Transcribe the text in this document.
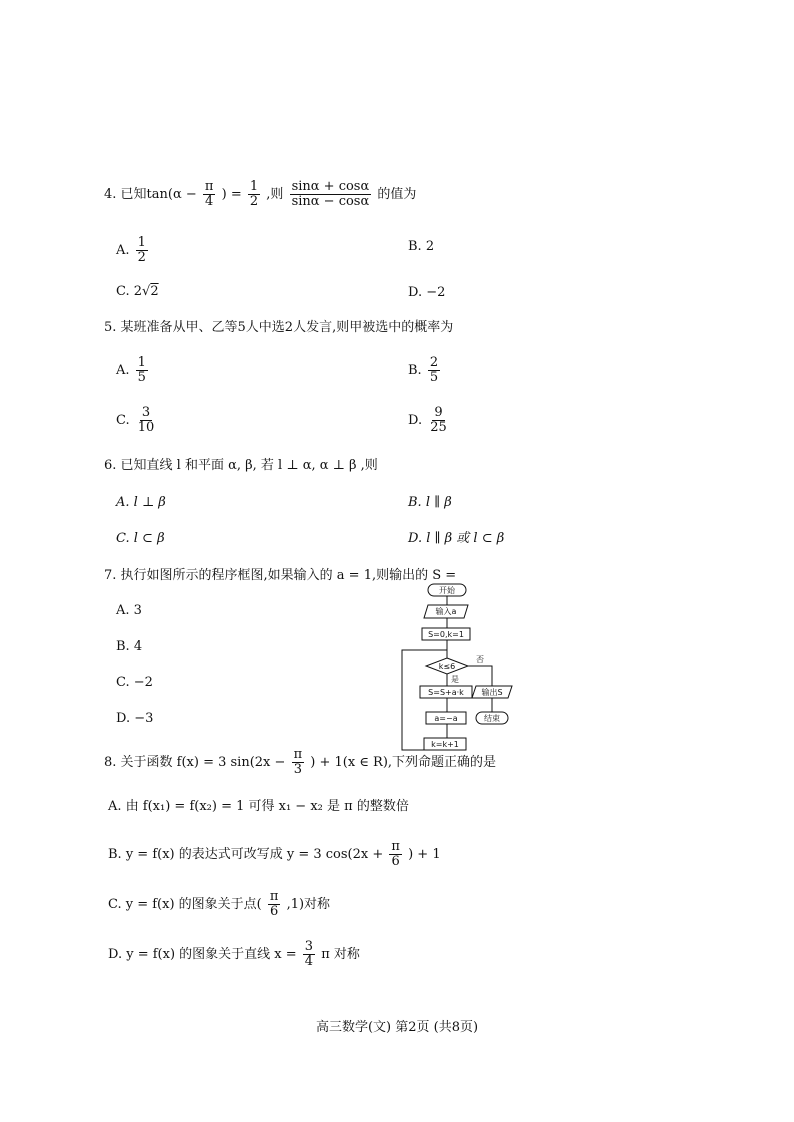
4. 已知$\tan(\alpha - \frac{\pi}{4}$ ) = $\frac{1}{2}$ ,则 $\frac{\sin\alpha + \cos\alpha}{\sin\alpha - \cos\alpha}$ 的值为
A. $\frac{1}{2}$	B. 2
C. 2√2	D. −2
5. 某班准备从甲、乙等5人中选2人发言,则甲被选中的概率为
A. $\frac{1}{5}$	B. $\frac{2}{5}$
C. $\frac{3}{10}$	D. $\frac{9}{25}$
6. 已知直线 l 和平面 α, β, 若 l ⊥ α, α ⊥ β ,则
A. l ⊥ β	B. l ∥ β
C. l ⊂ β	D. l ∥ β 或 l ⊂ β
7. 执行如图所示的程序框图,如果输入的 a = 1,则输出的 S =
A. 3
B. 4
C. −2
D. −3
开始
输入a
S=0,k=1
k≤6
否
是
S=S+a·k 输出S
结束
a=−a
k=k+1
8. 关于函数 f(x) = 3 $\sin(2x - \frac{\pi}{3}$ ) + 1(x ∈ R),下列命题正确的是
A. 由 f(x₁) = f(x₂) = 1 可得 x₁ − x₂ 是 π 的整数倍
B. y = f(x) 的表达式可改写成 y = 3 $\cos(2x + \frac{\pi}{6}$ ) + 1
C. y = f(x) 的图象关于点( $\frac{\pi}{6} ,1$)对称
D. y = f(x) 的图象关于直线 $x = \frac{3}{4}$ π 对称
高三数学(文) 第2页 (共8页)
